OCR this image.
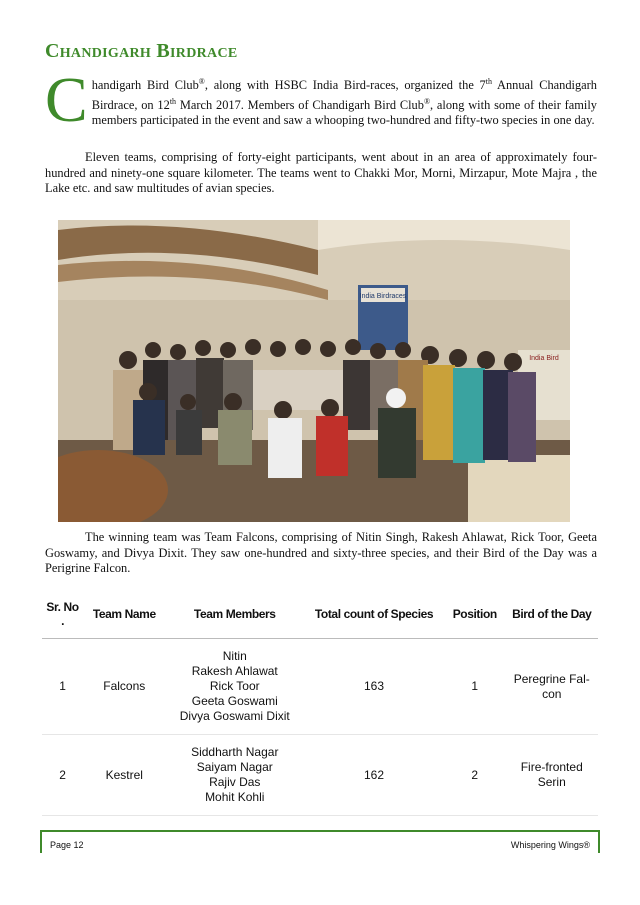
Chandigarh Birdrace
Chandigarh Bird Club®, along with HSBC India Bird-races, organized the 7th Annual Chandigarh Birdrace, on 12th March 2017. Members of Chandigarh Bird Club®, along with some of their family members participated in the event and saw a whooping two-hundred and fifty-two species in one day.
Eleven teams, comprising of forty-eight participants, went about in an area of approximately four-hundred and ninety-one square kilometer. The teams went to Chakki Mor, Morni, Mirzapur, Mote Majra , the Lake etc. and saw multitudes of avian species.
India Birdraces
India Bird
The winning team was Team Falcons, comprising of Nitin Singh, Rakesh Ahlawat, Rick Toor, Geeta Goswamy, and Divya Dixit. They saw one-hundred and sixty-three species, and their Bird of the Day was a Perigrine Falcon.
Sr. No .	Team Name	Team Members	Total count of Species	Position	Bird of the Day
1	Falcons	Nitin
Rakesh Ahlawat
Rick Toor
Geeta Goswami
Divya Goswami Dixit	163	1	Peregrine Fal-con
2	Kestrel	Siddharth Nagar
Saiyam Nagar
Rajiv Das
Mohit Kohli	162	2	Fire-fronted Serin
Page 12	Whispering Wings®
